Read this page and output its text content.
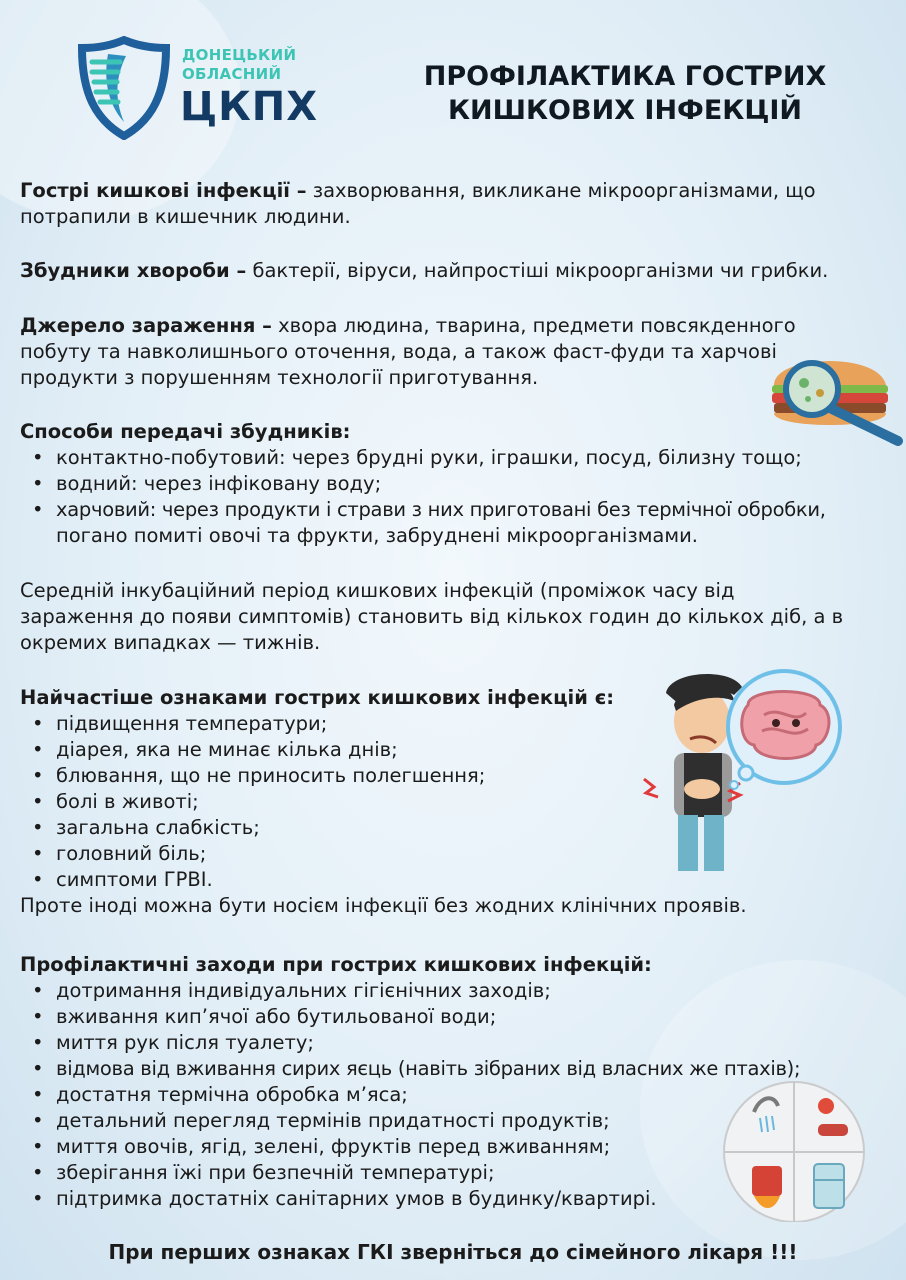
ДОНЕЦЬКИЙ
ОБЛАСНИЙ
ЦКПХ
ПРОФІЛАКТИКА ГОСТРИХ
КИШКОВИХ ІНФЕКЦІЙ
Гострі кишкові інфекції – захворювання, викликане мікроорганізмами, що
потрапили в кишечник людини.
Збудники хвороби – бактерії, віруси, найпростіші мікроорганізми чи грибки.
Джерело зараження – хвора людина, тварина, предмети повсякденного
побуту та навколишнього оточення, вода, а також фаст-фуди та харчові
продукти з порушенням технології приготування.
Способи передачі збудників:
• контактно-побутовий: через брудні руки, іграшки, посуд, білизну тощо;
• водний: через інфіковану воду;
• харчовий: через продукти і страви з них приготовані без термічної обробки,
погано помиті овочі та фрукти, забруднені мікроорганізмами.
Середній інкубаційний період кишкових інфекцій (проміжок часу від
зараження до появи симптомів) становить від кількох годин до кількох діб, а в
окремих випадках — тижнів.
Найчастіше ознаками гострих кишкових інфекцій є:
• підвищення температури;
• діарея, яка не минає кілька днів;
• блювання, що не приносить полегшення;
• болі в животі;
• загальна слабкість;
• головний біль;
• симптоми ГРВІ.
Проте іноді можна бути носієм інфекції без жодних клінічних проявів.
Профілактичні заходи при гострих кишкових інфекцій:
• дотримання індивідуальних гігієнічних заходів;
• вживання кип’ячої або бутильованої води;
• миття рук після туалету;
• відмова від вживання сирих яєць (навіть зібраних від власних же птахів);
• достатня термічна обробка м’яса;
• детальний перегляд термінів придатності продуктів;
• миття овочів, ягід, зелені, фруктів перед вживанням;
• зберігання їжі при безпечній температурі;
• підтримка достатніх санітарних умов в будинку/квартирі.
При перших ознаках ГКІ зверніться до сімейного лікаря !!!
